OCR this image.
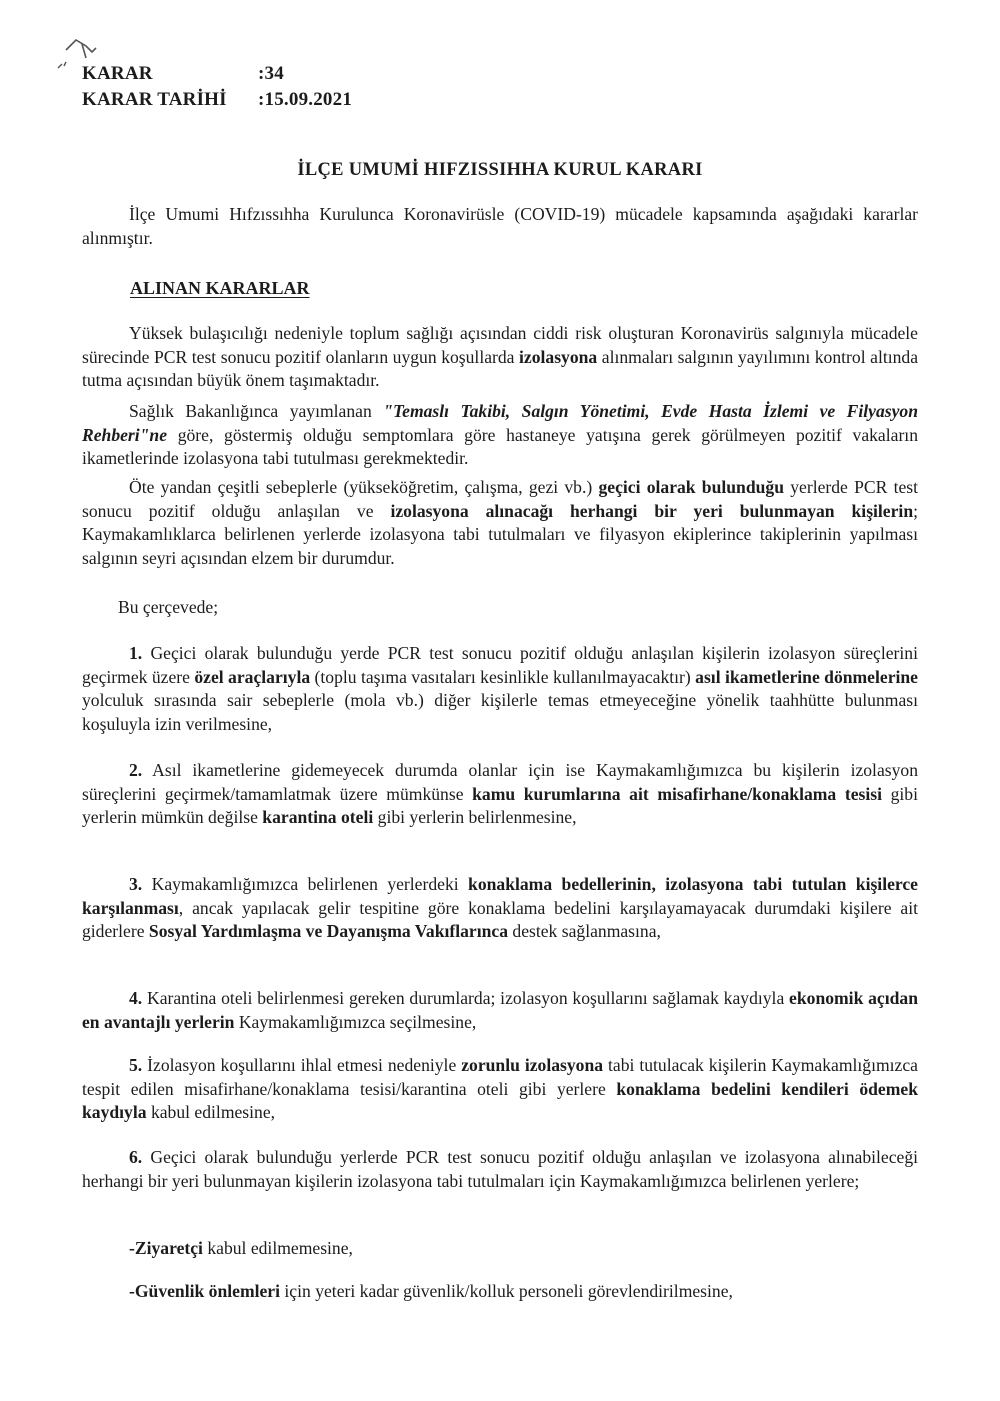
KARAR	:34
KARAR TARİHİ :15.09.2021
İLÇE UMUMİ HIFZISSIHHA KURUL KARARI

İlçe Umumi Hıfzıssıhha Kurulunca Koronavirüsle (COVID-19) mücadele kapsamında aşağıdaki kararlar alınmıştır.

ALINAN KARARLAR

Yüksek bulaşıcılığı nedeniyle toplum sağlığı açısından ciddi risk oluşturan Koronavirüs salgınıyla mücadele sürecinde PCR test sonucu pozitif olanların uygun koşullarda izolasyona alınmaları salgının yayılımını kontrol altında tutma açısından büyük önem taşımaktadır.

Sağlık Bakanlığınca yayımlanan "Temaslı Takibi, Salgın Yönetimi, Evde Hasta İzlemi ve Filyasyon Rehberi"ne göre, göstermiş olduğu semptomlara göre hastaneye yatışına gerek görülmeyen pozitif vakaların ikametlerinde izolasyona tabi tutulması gerekmektedir.

Öte yandan çeşitli sebeplerle (yükseköğretim, çalışma, gezi vb.) geçici olarak bulunduğu yerlerde PCR test sonucu pozitif olduğu anlaşılan ve izolasyona alınacağı herhangi bir yeri bulunmayan kişilerin; Kaymakamlıklarca belirlenen yerlerde izolasyona tabi tutulmaları ve filyasyon ekiplerince takiplerinin yapılması salgının seyri açısından elzem bir durumdur.

Bu çerçevede;

1. Geçici olarak bulunduğu yerde PCR test sonucu pozitif olduğu anlaşılan kişilerin izolasyon süreçlerini geçirmek üzere özel araçlarıyla (toplu taşıma vasıtaları kesinlikle kullanılmayacaktır) asıl ikametlerine dönmelerine yolculuk sırasında sair sebeplerle (mola vb.) diğer kişilerle temas etmeyeceğine yönelik taahhütte bulunması koşuluyla izin verilmesine,

2. Asıl ikametlerine gidemeyecek durumda olanlar için ise Kaymakamlığımızca bu kişilerin izolasyon süreçlerini geçirmek/tamamlatmak üzere mümkünse kamu kurumlarına ait misafirhane/konaklama tesisi gibi yerlerin mümkün değilse karantina oteli gibi yerlerin belirlenmesine,

3. Kaymakamlığımızca belirlenen yerlerdeki konaklama bedellerinin, izolasyona tabi tutulan kişilerce karşılanması, ancak yapılacak gelir tespitine göre konaklama bedelini karşılayamayacak durumdaki kişilere ait giderlere Sosyal Yardımlaşma ve Dayanışma Vakıflarınca destek sağlanmasına,

4. Karantina oteli belirlenmesi gereken durumlarda; izolasyon koşullarını sağlamak kaydıyla ekonomik açıdan en avantajlı yerlerin Kaymakamlığımızca seçilmesine,

5. İzolasyon koşullarını ihlal etmesi nedeniyle zorunlu izolasyona tabi tutulacak kişilerin Kaymakamlığımızca tespit edilen misafirhane/konaklama tesisi/karantina oteli gibi yerlere konaklama bedelini kendileri ödemek kaydıyla kabul edilmesine,

6. Geçici olarak bulunduğu yerlerde PCR test sonucu pozitif olduğu anlaşılan ve izolasyona alınabileceği herhangi bir yeri bulunmayan kişilerin izolasyona tabi tutulmaları için Kaymakamlığımızca belirlenen yerlere;

-Ziyaretçi kabul edilmemesine,

-Güvenlik önlemleri için yeteri kadar güvenlik/kolluk personeli görevlendirilmesine,
